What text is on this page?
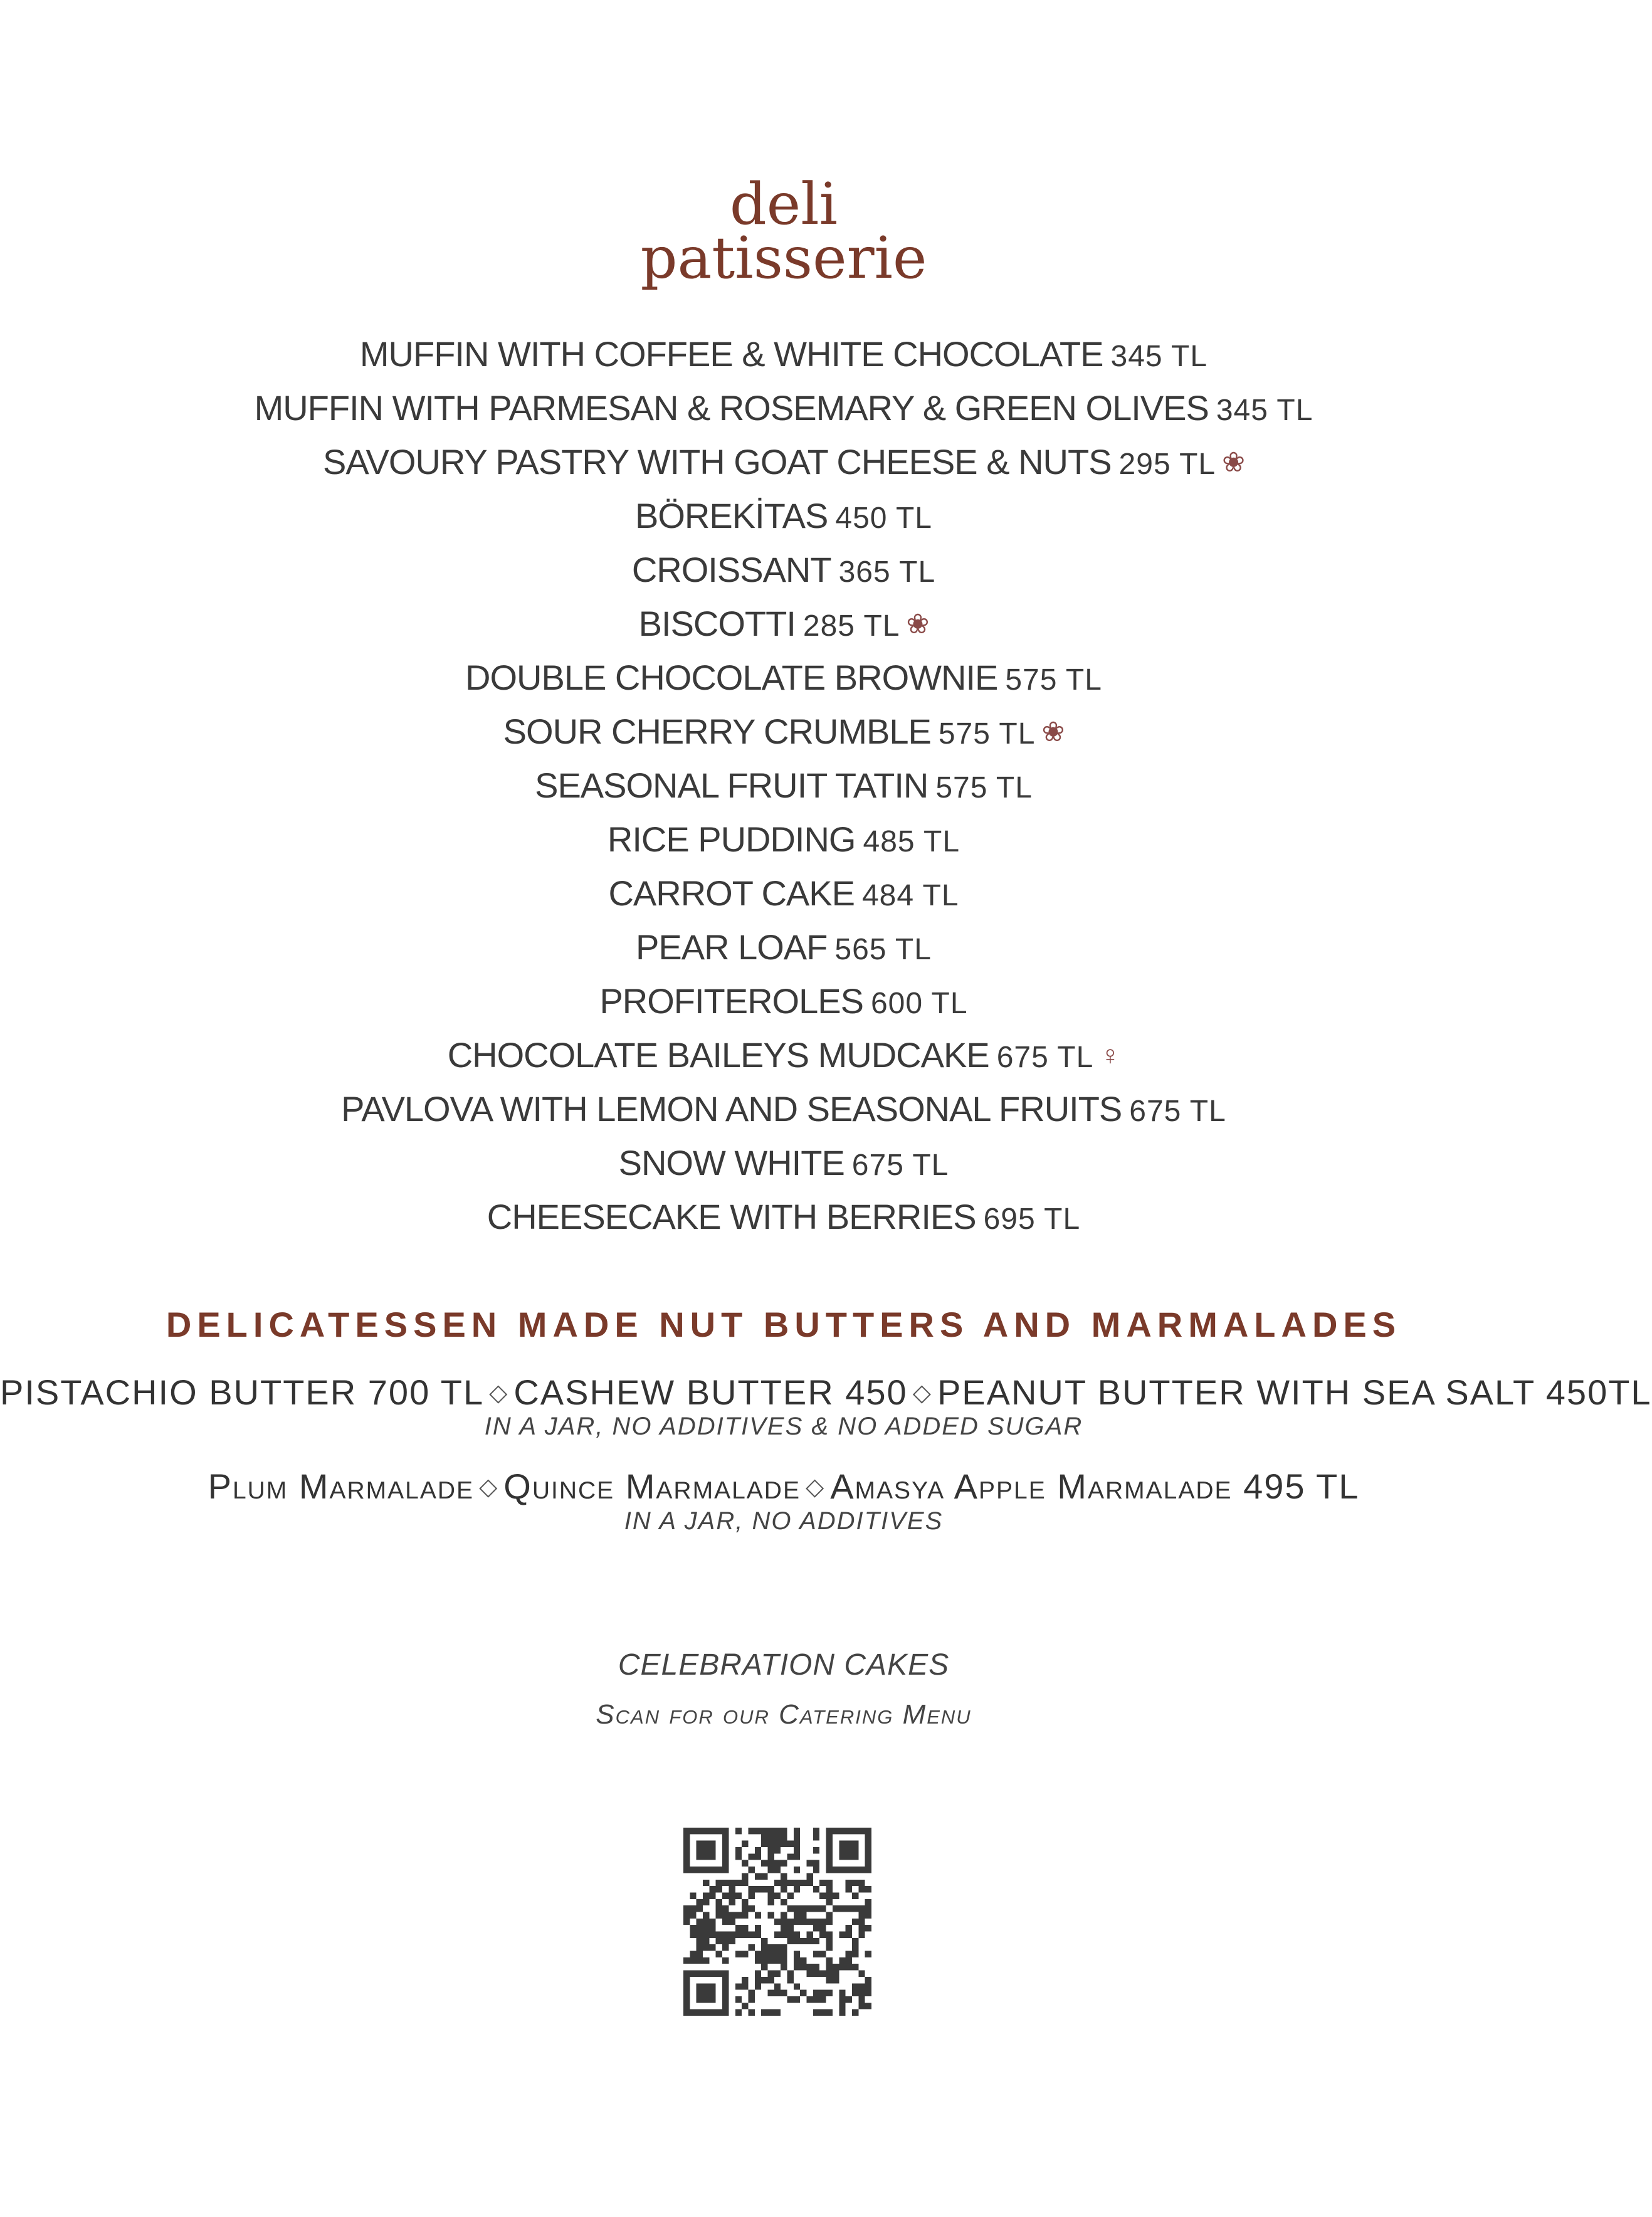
deli
patisserie
MUFFIN WITH COFFEE & WHITE CHOCOLATE 345 TL
MUFFIN WITH PARMESAN & ROSEMARY & GREEN OLIVES 345 TL
SAVOURY PASTRY WITH GOAT CHEESE & NUTS 295 TL ❀
BÖREKİTAS 450 TL
CROISSANT 365 TL
BISCOTTI 285 TL ❀
DOUBLE CHOCOLATE BROWNIE 575 TL
SOUR CHERRY CRUMBLE 575 TL ❀
SEASONAL FRUIT TATIN 575 TL
RICE PUDDING 485 TL
CARROT CAKE 484 TL
PEAR LOAF 565 TL
PROFITEROLES 600 TL
CHOCOLATE BAILEYS MUDCAKE 675 TL ♀
PAVLOVA WITH LEMON AND SEASONAL FRUITS 675 TL
SNOW WHITE 675 TL
CHEESECAKE WITH BERRIES 695 TL
DELICATESSEN MADE NUT BUTTERS AND MARMALADES
PISTACHIO BUTTER 700 TL ◇ CASHEW BUTTER 450 ◇ PEANUT BUTTER WITH SEA SALT 450TL
IN A JAR, NO ADDITIVES & NO ADDED SUGAR
Plum Marmalade ◇ Quince Marmalade ◇ Amasya Apple Marmalade 495 TL
IN A JAR, NO ADDITIVES
CELEBRATION CAKES
Scan for our Catering Menu
